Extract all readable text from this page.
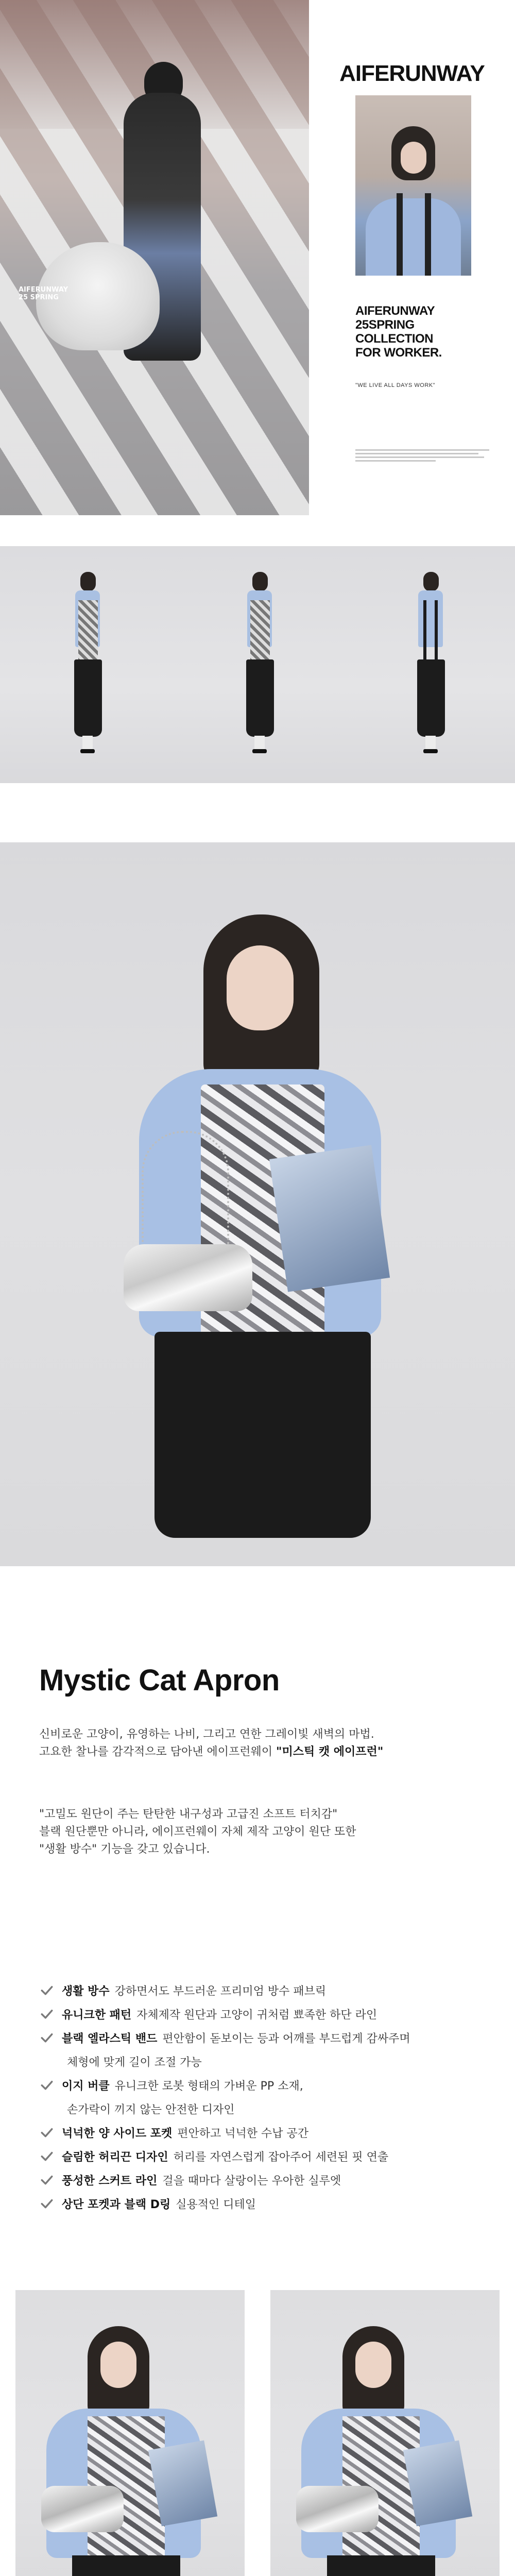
AIFERUNWAY
25 SPRING
AIFERUNWAY
AIFERUNWAY
25SPRING COLLECTION
FOR WORKER.
"WE LIVE ALL DAYS WORK"
Mystic Cat Apron
신비로운 고양이, 유영하는 나비, 그리고 연한 그레이빛 새벽의 마법.
고요한 찰나를 감각적으로 담아낸 에이프런웨이 "미스틱 캣 에이프런"
"고밀도 원단이 주는 탄탄한 내구성과 고급진 소프트 터치감"
블랙 원단뿐만 아니라, 에이프런웨이 자체 제작 고양이 원단 또한
"생활 방수" 기능을 갖고 있습니다.
생활 방수 강하면서도 부드러운 프리미엄 방수 패브릭
유니크한 패턴 자체제작 원단과 고양이 귀처럼 뾰족한 하단 라인
블랙 엘라스틱 밴드 편안함이 돋보이는 등과 어깨를 부드럽게 감싸주며
체형에 맞게 길이 조절 가능
이지 버클 유니크한 로봇 형태의 가벼운 PP 소재,
손가락이 끼지 않는 안전한 디자인
넉넉한 양 사이드 포켓 편안하고 넉넉한 수납 공간
슬림한 허리끈 디자인 허리를 자연스럽게 잡아주어 세련된 핏 연출
풍성한 스커트 라인 걸을 때마다 살랑이는 우아한 실루엣
상단 포켓과 블랙 D링 실용적인 디테일
